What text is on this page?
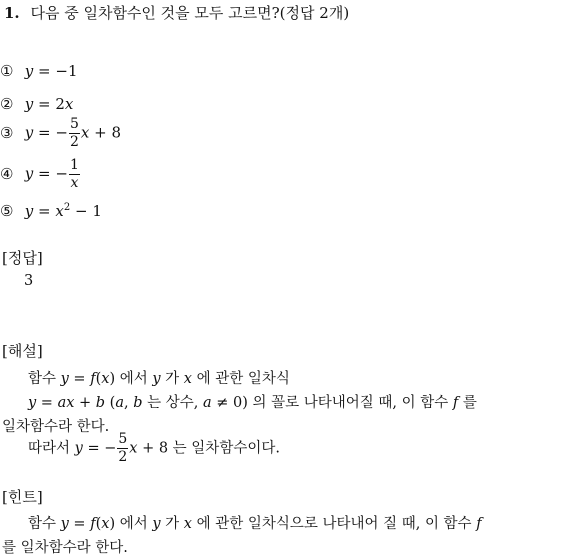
1. 다음 중 일차함수인 것을 모두 고르면?(정답 2개)
① y = −1
② y = 2x
③ y = − $\frac{5}{2}$ x + 8
④ y = − $\frac{1}{x}$
⑤ $y = x^2 - 1$
[정답]
3
[해설]
함수 y = f(x) 에서 y 가 x 에 관한 일차식
y = ax + b (a, b 는 상수, a ≠ 0) 의 꼴로 나타내어질 때, 이 함수 f 를
일차함수라 한다.
따라서 y = − $\frac{5}{2}$ x + 8 는 일차함수이다.
[힌트]
함수 y = f(x) 에서 y 가 x 에 관한 일차식으로 나타내어 질 때, 이 함수 f
를 일차함수라 한다.
